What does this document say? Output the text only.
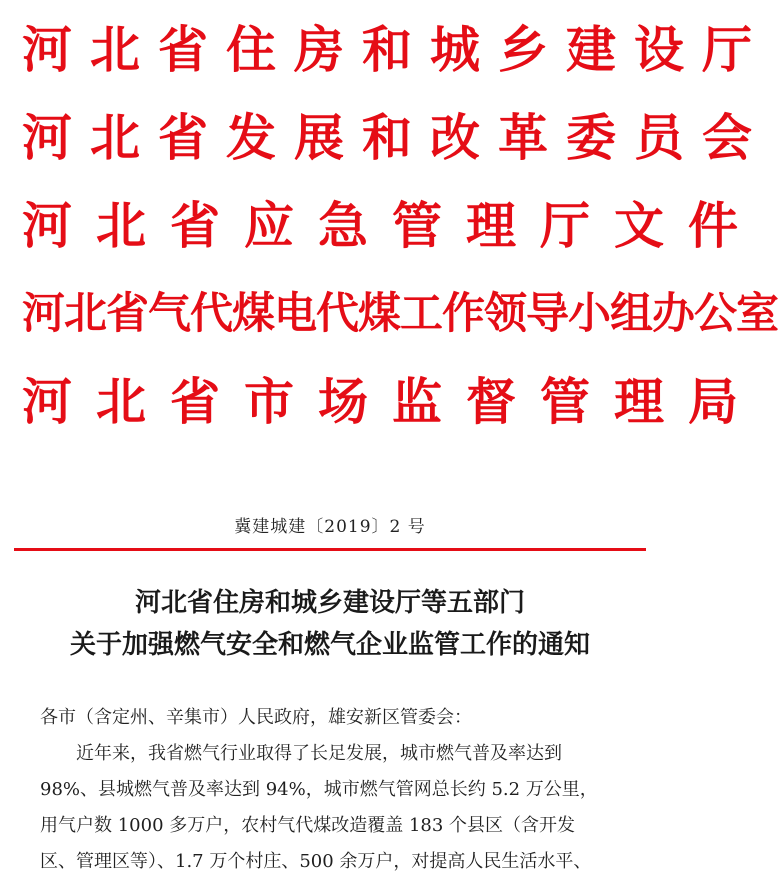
河北省住房和城乡建设厅
河北省发展和改革委员会
河北省应急管理厅文件
河北省气代煤电代煤工作领导小组办公室
河北省市场监督管理局
冀建城建〔2019〕2 号
河北省住房和城乡建设厅等五部门
关于加强燃气安全和燃气企业监管工作的通知

各市（含定州、辛集市）人民政府，雄安新区管委会：

近年来，我省燃气行业取得了长足发展，城市燃气普及率达到

98%、县城燃气普及率达到 94%，城市燃气管网总长约 5.2 万公里，

用气户数 1000 多万户，农村气代煤改造覆盖 183 个县区（含开发

区、管理区等）、1.7 万个村庄、500 余万户，对提高人民生活水平、
